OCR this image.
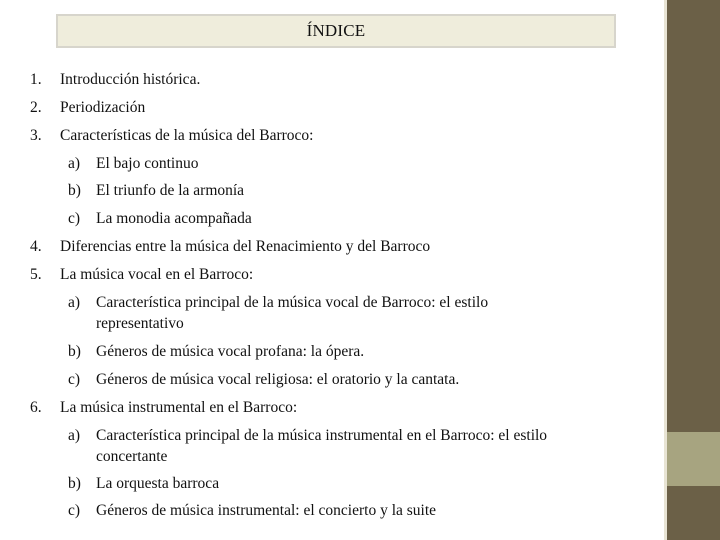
ÍNDICE
1. Introducción histórica.
2. Periodización
3. Características de la música del Barroco:
a) El bajo continuo
b) El triunfo de la armonía
c) La monodia acompañada
4. Diferencias entre la música del Renacimiento y del Barroco
5. La música vocal en el Barroco:
a) Característica principal de la música vocal de Barroco: el estilo
representativo
b) Géneros de música vocal profana: la ópera.
c) Géneros de música vocal religiosa: el oratorio y la cantata.
6. La música instrumental en el Barroco:
a) Característica principal de la música instrumental en el Barroco: el estilo
concertante
b) La orquesta barroca
c) Géneros de música instrumental: el concierto y la suite
